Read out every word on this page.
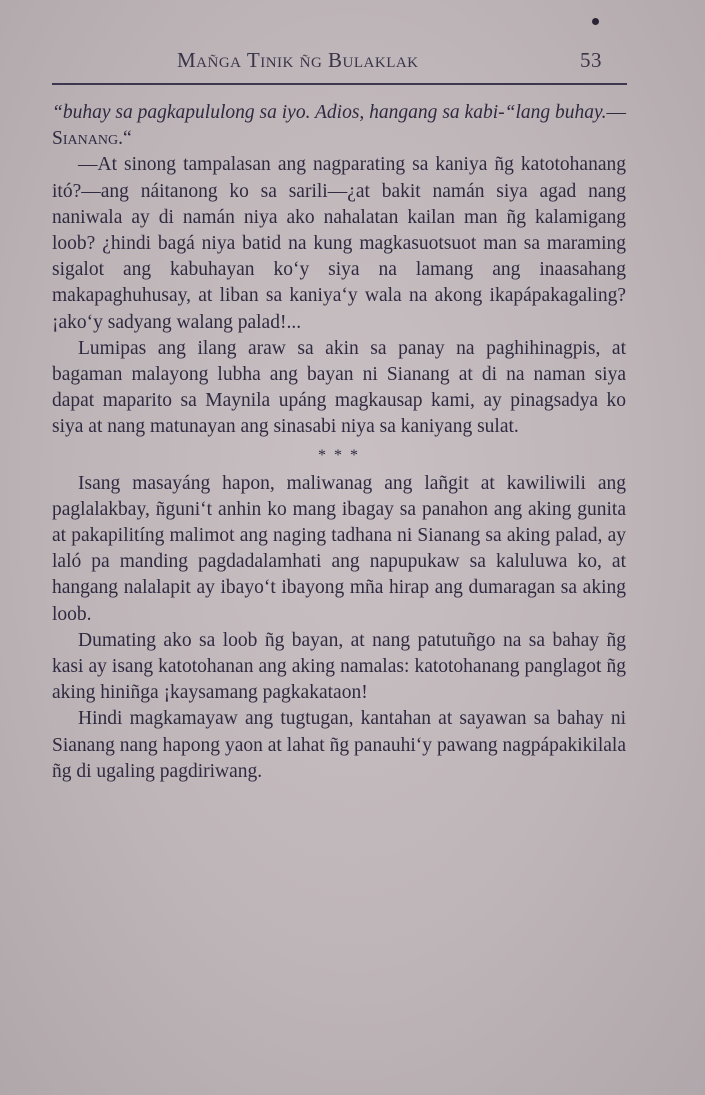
Mañga Tinik ñg Bulaklak	53

“buhay sa pagkapululong sa iyo. Adios, hangang sa kabi-“lang buhay.—Sianang.“

—At sinong tampalasan ang nagparating sa kaniya ñg katotohanang itó?—ang náitanong ko sa sarili—¿at bakit namán siya agad nang naniwala ay di namán niya ako nahalatan kailan man ñg kalamigang loob? ¿hindi bagá niya batid na kung magkasuotsuot man sa maraming sigalot ang kabuhayan ko‘y siya na lamang ang inaasahang makapaghuhusay, at liban sa kaniya‘y wala na akong ikapápakagaling? ¡ako‘y sadyang walang palad!...

Lumipas ang ilang araw sa akin sa panay na paghihinagpis, at bagaman malayong lubha ang bayan ni Sianang at di na naman siya dapat maparito sa Maynila upáng magkausap kami, ay pinagsadya ko siya at nang matunayan ang sinasabi niya sa kaniyang sulat.

* * *

Isang masayáng hapon, maliwanag ang lañgit at kawiliwili ang paglalakbay, ñguni‘t anhin ko mang ibagay sa panahon ang aking gunita at pakapilitíng malimot ang naging tadhana ni Sianang sa aking palad, ay laló pa manding pagdadalamhati ang napupukaw sa kaluluwa ko, at hangang nalalapit ay ibayo‘t ibayong mña hirap ang dumaragan sa aking loob.

Dumating ako sa loob ñg bayan, at nang patutuñgo na sa bahay ñg kasi ay isang katotohanan ang aking namalas: katotohanang panglagot ñg aking hiniñga ¡kaysamang pagkakataon!

Hindi magkamayaw ang tugtugan, kantahan at sayawan sa bahay ni Sianang nang hapong yaon at lahat ñg panauhi‘y pawang nagpápakikilala ñg di ugaling pagdiriwang.
